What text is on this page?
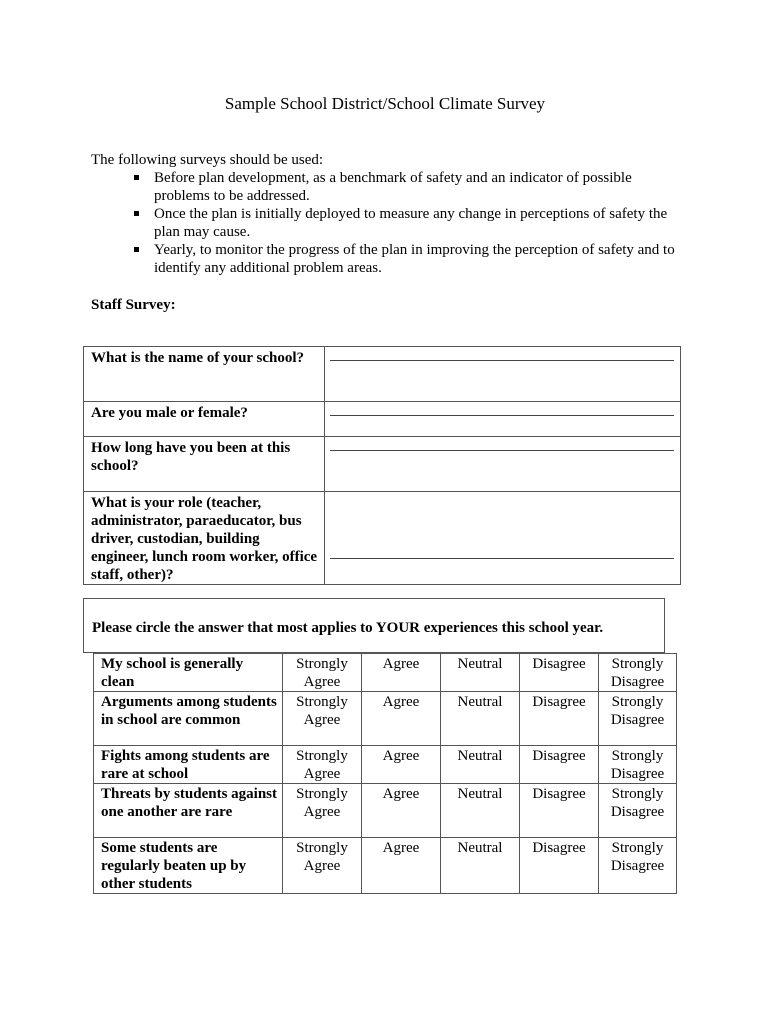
Sample School District/School Climate Survey
The following surveys should be used:
Before plan development, as a benchmark of safety and an indicator of possible problems to be addressed.
Once the plan is initially deployed to measure any change in perceptions of safety the plan may cause.
Yearly, to monitor the progress of the plan in improving the perception of safety and to identify any additional problem areas.
Staff Survey:
What is the name of your school?	

Are you male or female?	

How long have you been at this school?	

What is your role (teacher, administrator, paraeducator, bus driver, custodian, building engineer, lunch room worker, office staff, other)?	
Please circle the answer that most applies to YOUR experiences this school year.
My school is generally clean	Strongly Agree	Agree	Neutral	Disagree	Strongly Disagree
Arguments among students in school are common	Strongly Agree	Agree	Neutral	Disagree	Strongly Disagree
Fights among students are rare at school	Strongly Agree	Agree	Neutral	Disagree	Strongly Disagree
Threats by students against one another are rare	Strongly Agree	Agree	Neutral	Disagree	Strongly Disagree
Some students are regularly beaten up by other students	Strongly Agree	Agree	Neutral	Disagree	Strongly Disagree
